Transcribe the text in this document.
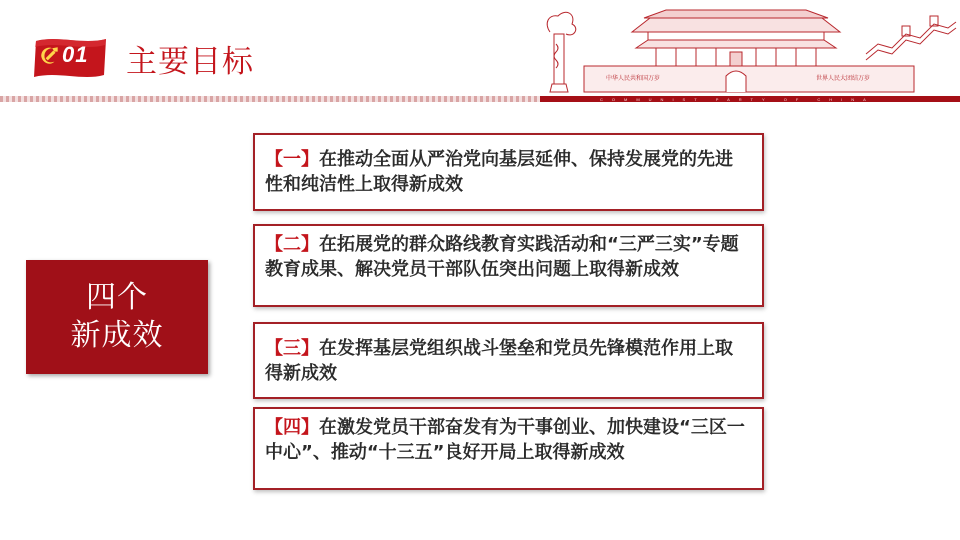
01 主要目标	中华人民共和国万岁	世界人民大团结万岁
COMMUNIST PARTY OF CHINA
四个
新成效
【一】在推动全面从严治党向基层延伸、保持发展党的先进性和纯洁性上取得新成效
【二】在拓展党的群众路线教育实践活动和“三严三实”专题教育成果、解决党员干部队伍突出问题上取得新成效
【三】在发挥基层党组织战斗堡垒和党员先锋模范作用上取得新成效
【四】在激发党员干部奋发有为干事创业、加快建设“三区一中心”、推动“十三五”良好开局上取得新成效
